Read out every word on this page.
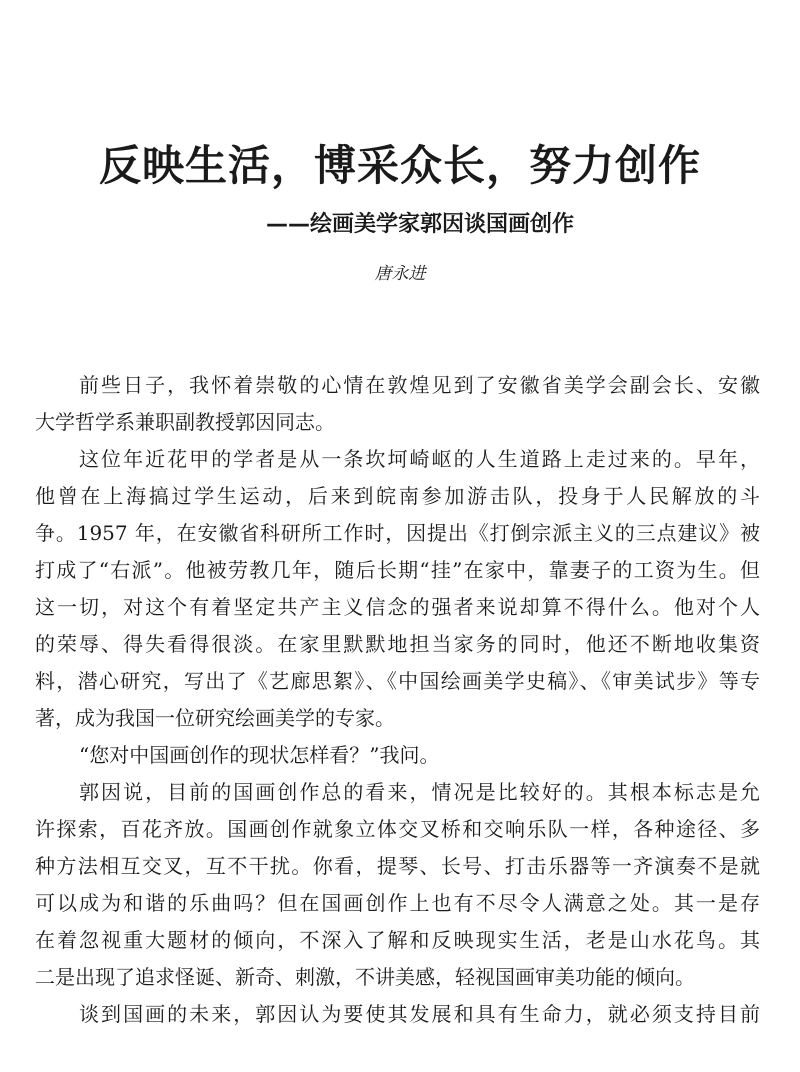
反映生活，博采众长，努力创作
——绘画美学家郭因谈国画创作
唐永进
前些日子，我怀着崇敬的心情在敦煌见到了安徽省美学会副会长、安徽
大学哲学系兼职副教授郭因同志。
这位年近花甲的学者是从一条坎坷崎岖的人生道路上走过来的。早年，
他曾在上海搞过学生运动，后来到皖南参加游击队，投身于人民解放的斗
争。1957 年，在安徽省科研所工作时，因提出《打倒宗派主义的三点建议》被
打成了“右派”。他被劳教几年，随后长期“挂”在家中，靠妻子的工资为生。但
这一切，对这个有着坚定共产主义信念的强者来说却算不得什么。他对个人
的荣辱、得失看得很淡。在家里默默地担当家务的同时，他还不断地收集资
料，潜心研究，写出了《艺廊思絮》、《中国绘画美学史稿》、《审美试步》等专
著，成为我国一位研究绘画美学的专家。
“您对中国画创作的现状怎样看？”我问。
郭因说，目前的国画创作总的看来，情况是比较好的。其根本标志是允
许探索，百花齐放。国画创作就象立体交叉桥和交响乐队一样，各种途径、多
种方法相互交叉，互不干扰。你看，提琴、长号、打击乐器等一齐演奏不是就
可以成为和谐的乐曲吗？但在国画创作上也有不尽令人满意之处。其一是存
在着忽视重大题材的倾向，不深入了解和反映现实生活，老是山水花鸟。其
二是出现了追求怪诞、新奇、刺激，不讲美感，轻视国画审美功能的倾向。
谈到国画的未来，郭因认为要使其发展和具有生命力，就必须支持目前
